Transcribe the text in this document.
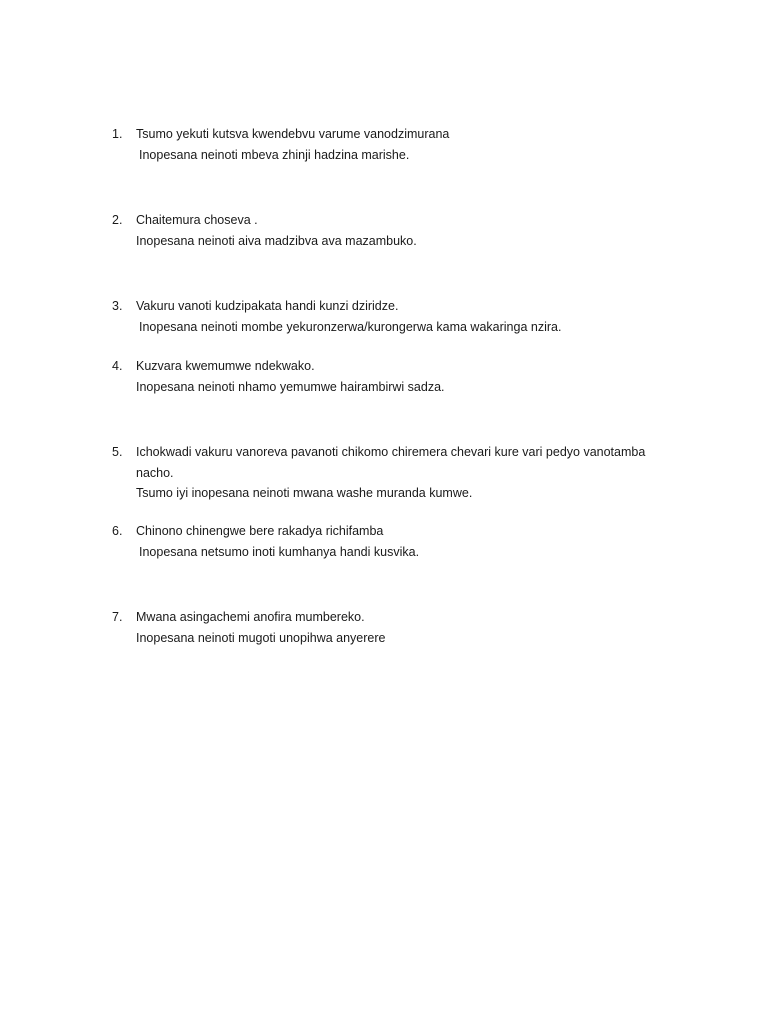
1.	Tsumo yekuti kutsva kwendebvu varume vanodzimurana
Inopesana neinoti mbeva zhinji hadzina marishe.
2.	Chaitemura choseva .
Inopesana neinoti aiva madzibva ava mazambuko.
3.	Vakuru vanoti kudzipakata handi kunzi dziridze.
Inopesana neinoti mombe yekuronzerwa/kurongerwa kama wakaringa nzira.
4.	Kuzvara kwemumwe ndekwako.
Inopesana neinoti nhamo yemumwe hairambirwi sadza.
5.	Ichokwadi vakuru vanoreva pavanoti chikomo chiremera chevari kure vari pedyo vanotamba
nacho.
Tsumo iyi inopesana neinoti mwana washe muranda kumwe.
6.	Chinono chinengwe bere rakadya richifamba
Inopesana netsumo inoti kumhanya handi kusvika.
7.	Mwana asingachemi anofira mumbereko.
Inopesana neinoti mugoti unopihwa anyerere
